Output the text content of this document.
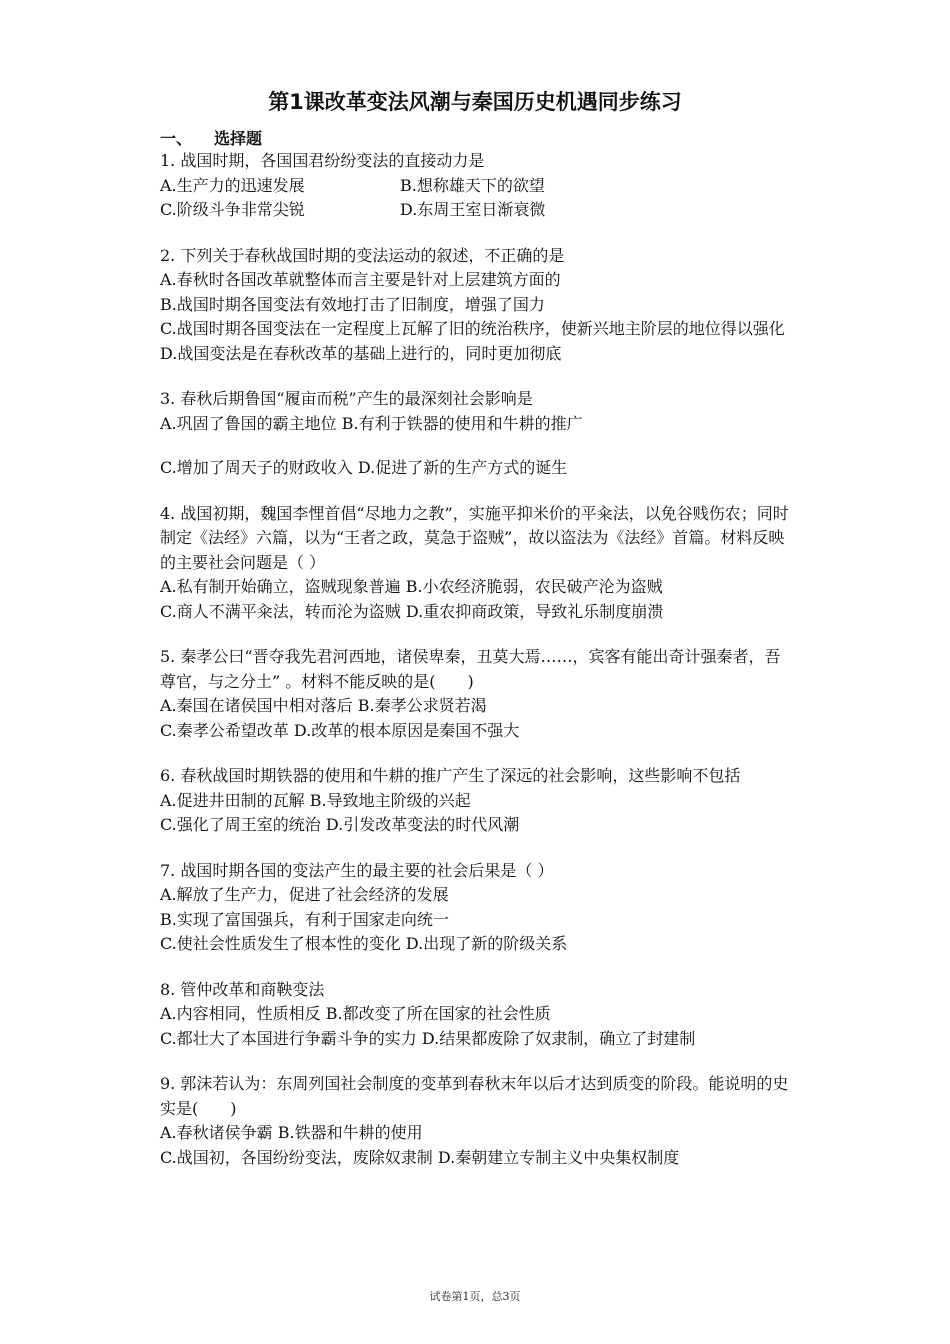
第1课改革变法风潮与秦国历史机遇同步练习
一、 选择题

1. 战国时期，各国国君纷纷变法的直接动力是

A.生产力的迅速发展	B.想称雄天下的欲望
C.阶级斗争非常尖锐	D.东周王室日渐衰微

2. 下列关于春秋战国时期的变法运动的叙述，不正确的是

A.春秋时各国改革就整体而言主要是针对上层建筑方面的

B.战国时期各国变法有效地打击了旧制度，增强了国力

C.战国时期各国变法在一定程度上瓦解了旧的统治秩序，使新兴地主阶层的地位得以强化

D.战国变法是在春秋改革的基础上进行的，同时更加彻底

3. 春秋后期鲁国“履亩而税”产生的最深刻社会影响是

A.巩固了鲁国的霸主地位 B.有利于铁器的使用和牛耕的推广

C.增加了周天子的财政收入 D.促进了新的生产方式的诞生

4. 战国初期，魏国李悝首倡“尽地力之教”，实施平抑米价的平籴法，以免谷贱伤农；同时制定《法经》六篇，以为“王者之政，莫急于盗贼”，故以盗法为《法经》首篇。材料反映的主要社会问题是（ ）

A.私有制开始确立，盗贼现象普遍 B.小农经济脆弱，农民破产沦为盗贼

C.商人不满平籴法，转而沦为盗贼 D.重农抑商政策，导致礼乐制度崩溃

5. 秦孝公曰“晋夺我先君河西地，诸侯卑秦，丑莫大焉……，宾客有能出奇计强秦者，吾尊官，与之分土” 。材料不能反映的是(　　)

A.秦国在诸侯国中相对落后 B.秦孝公求贤若渴

C.秦孝公希望改革 D.改革的根本原因是秦国不强大

6. 春秋战国时期铁器的使用和牛耕的推广产生了深远的社会影响，这些影响不包括

A.促进井田制的瓦解 B.导致地主阶级的兴起

C.强化了周王室的统治 D.引发改革变法的时代风潮

7. 战国时期各国的变法产生的最主要的社会后果是（ ）

A.解放了生产力，促进了社会经济的发展

B.实现了富国强兵，有利于国家走向统一

C.使社会性质发生了根本性的变化 D.出现了新的阶级关系

8. 管仲改革和商鞅变法

A.内容相同，性质相反 B.都改变了所在国家的社会性质

C.都壮大了本国进行争霸斗争的实力 D.结果都废除了奴隶制，确立了封建制

9. 郭沫若认为：东周列国社会制度的变革到春秋末年以后才达到质变的阶段。能说明的史实是(　　)

A.春秋诸侯争霸 B.铁器和牛耕的使用

C.战国初，各国纷纷变法，废除奴隶制 D.秦朝建立专制主义中央集权制度

试卷第1页，总3页
